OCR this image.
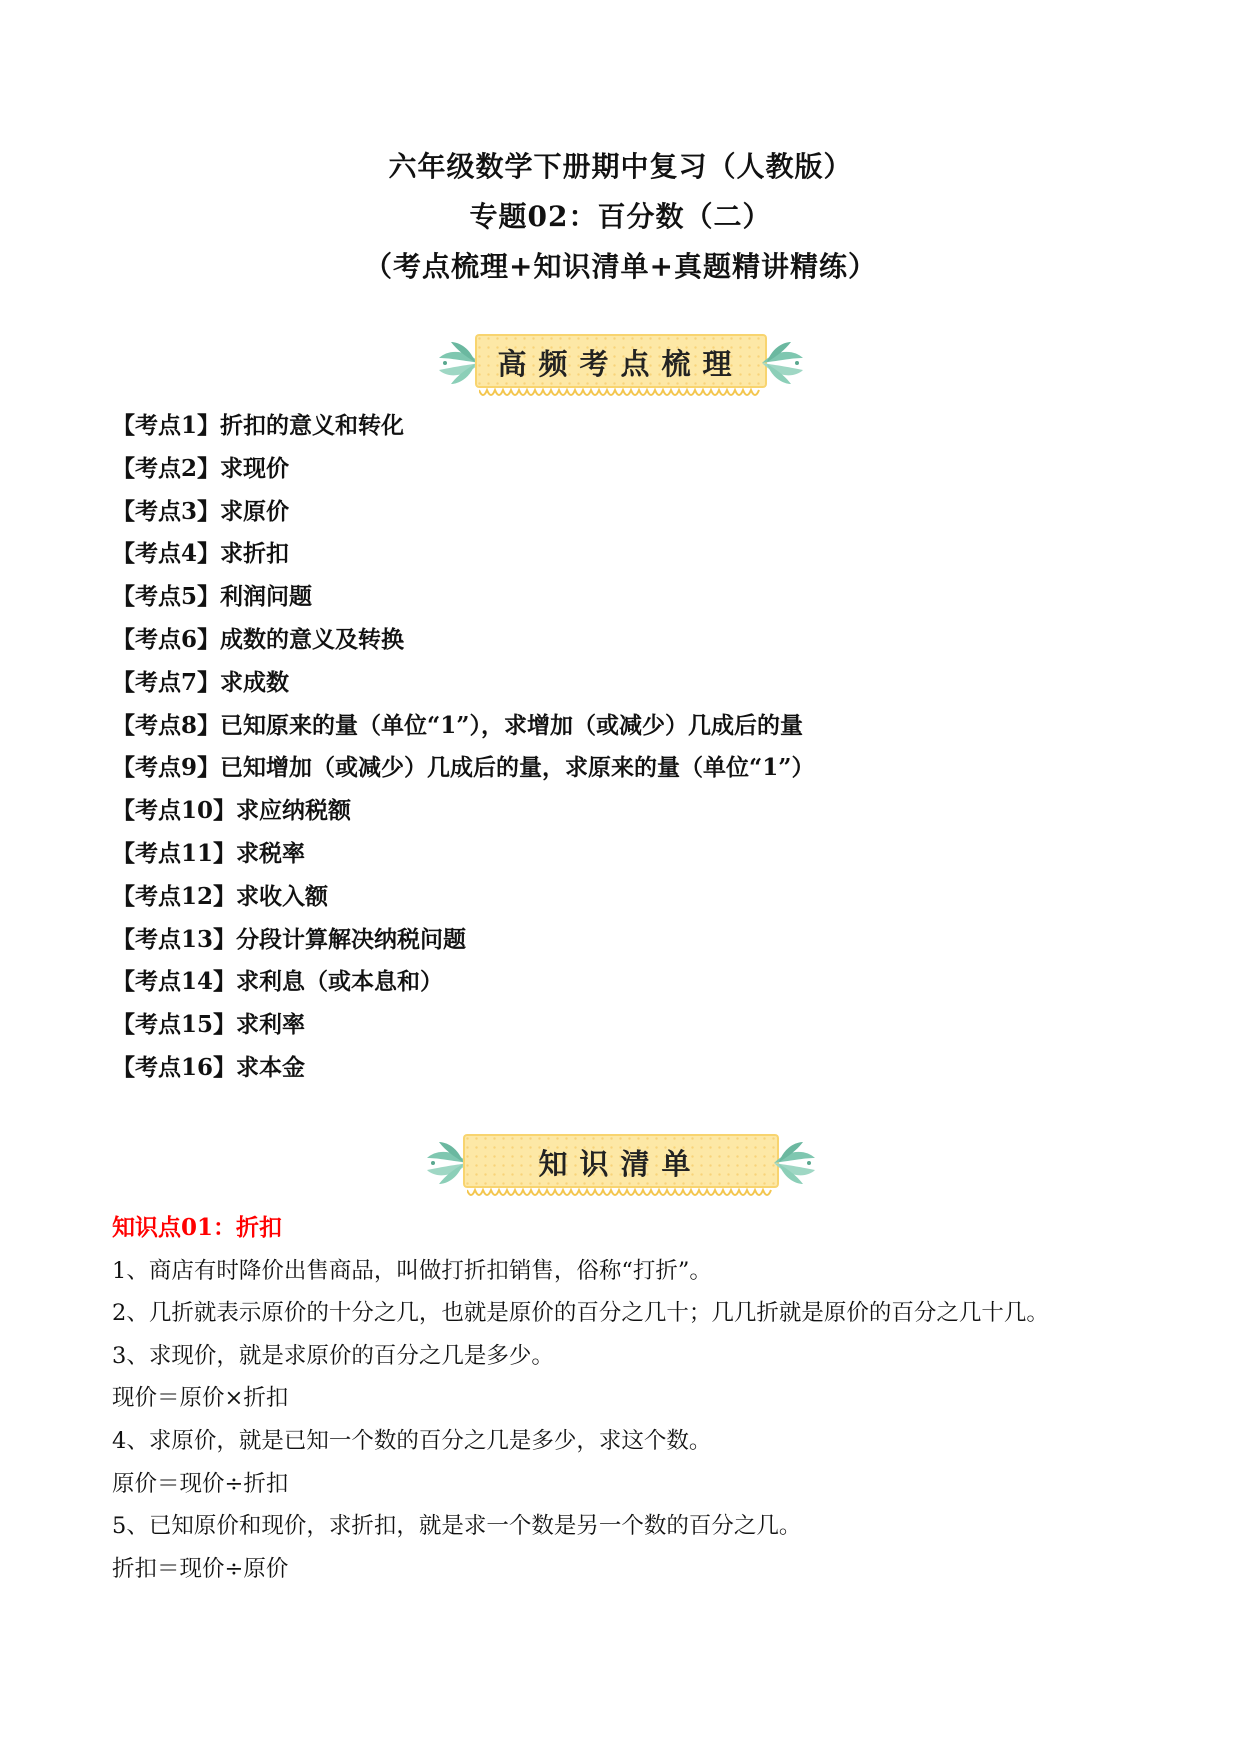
六年级数学下册期中复习（人教版）
专题02：百分数（二）
（考点梳理+知识清单+真题精讲精练）
高频考点梳理
【考点1】折扣的意义和转化
【考点2】求现价
【考点3】求原价
【考点4】求折扣
【考点5】利润问题
【考点6】成数的意义及转换
【考点7】求成数
【考点8】已知原来的量（单位“1”），求增加（或减少）几成后的量
【考点9】已知增加（或减少）几成后的量，求原来的量（单位“1”）
【考点10】求应纳税额
【考点11】求税率
【考点12】求收入额
【考点13】分段计算解决纳税问题
【考点14】求利息（或本息和）
【考点15】求利率
【考点16】求本金
知识清单
知识点01：折扣
1、商店有时降价出售商品，叫做打折扣销售，俗称“打折”。
2、几折就表示原价的十分之几，也就是原价的百分之几十；几几折就是原价的百分之几十几。
3、求现价，就是求原价的百分之几是多少。
现价＝原价×折扣
4、求原价，就是已知一个数的百分之几是多少，求这个数。
原价＝现价÷折扣
5、已知原价和现价，求折扣，就是求一个数是另一个数的百分之几。
折扣＝现价÷原价
